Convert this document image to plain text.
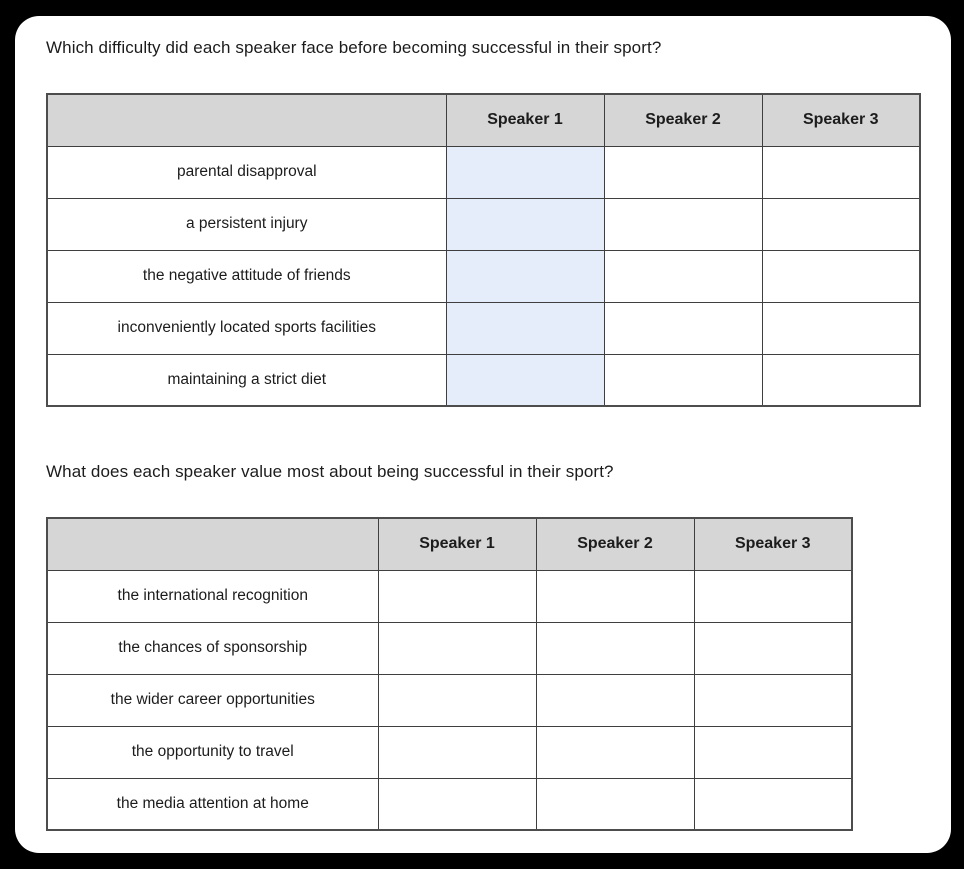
Which difficulty did each speaker face before becoming successful in their sport?

	Speaker 1	Speaker 2	Speaker 3
parental disapproval			
a persistent injury			
the negative attitude of friends			
inconveniently located sports facilities			
maintaining a strict diet			

What does each speaker value most about being successful in their sport?

	Speaker 1	Speaker 2	Speaker 3
the international recognition			
the chances of sponsorship			
the wider career opportunities			
the opportunity to travel			
the media attention at home			
